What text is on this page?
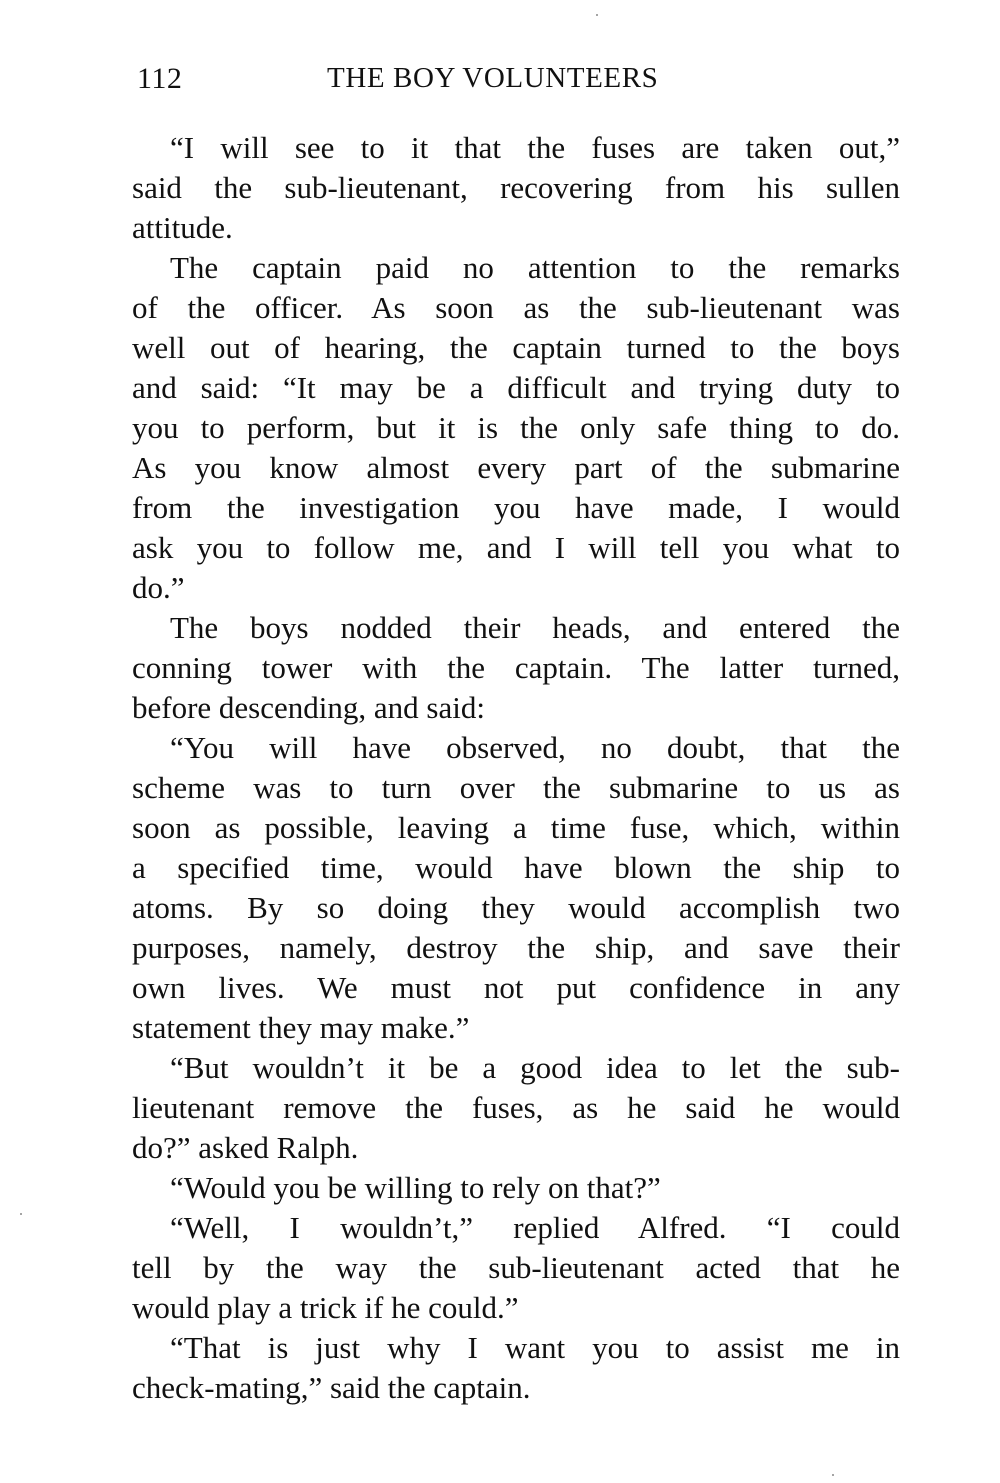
112	THE BOY VOLUNTEERS
“I will see to it that the fuses are taken out,”
said the sub-lieutenant, recovering from his sullen
attitude.
The captain paid no attention to the remarks
of the officer. As soon as the sub-lieutenant was
well out of hearing, the captain turned to the boys
and said: “It may be a difficult and trying duty to
you to perform, but it is the only safe thing to do.
As you know almost every part of the submarine
from the investigation you have made, I would
ask you to follow me, and I will tell you what to
do.”
The boys nodded their heads, and entered the
conning tower with the captain. The latter turned,
before descending, and said:
“You will have observed, no doubt, that the
scheme was to turn over the submarine to us as
soon as possible, leaving a time fuse, which, within
a specified time, would have blown the ship to
atoms. By so doing they would accomplish two
purposes, namely, destroy the ship, and save their
own lives. We must not put confidence in any
statement they may make.”
“But wouldn’t it be a good idea to let the sub-
lieutenant remove the fuses, as he said he would
do?” asked Ralph.
“Would you be willing to rely on that?”
“Well, I wouldn’t,” replied Alfred. “I could
tell by the way the sub-lieutenant acted that he
would play a trick if he could.”
“That is just why I want you to assist me in
check-mating,” said the captain.
